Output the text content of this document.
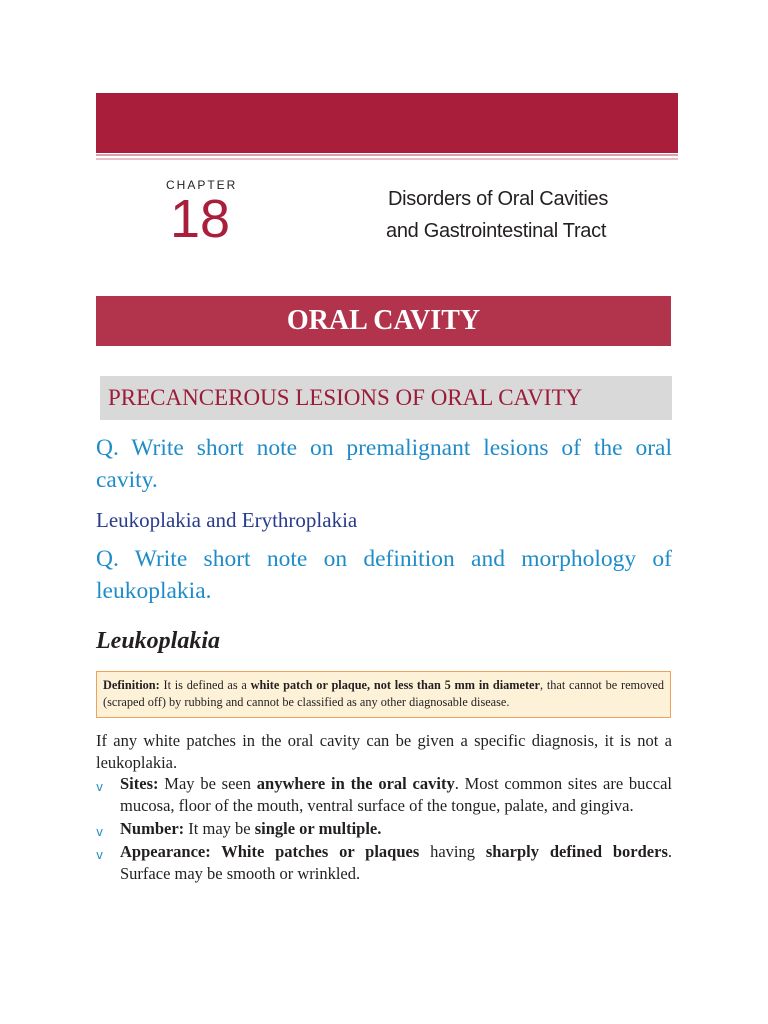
CHAPTER
18	Disorders of Oral Cavities
and Gastrointestinal Tract
ORAL CAVITY
PRECANCEROUS LESIONS OF ORAL CAVITY
Q. Write short note on premalignant lesions of the oral cavity.
Leukoplakia and Erythroplakia
Q. Write short note on definition and morphology of leukoplakia.
Leukoplakia
Definition: It is defined as a white patch or plaque, not less than 5 mm in diameter, that cannot be removed (scraped off) by rubbing and cannot be classified as any other diagnosable disease.
If any white patches in the oral cavity can be given a specific diagnosis, it is not a leukoplakia.
v Sites: May be seen anywhere in the oral cavity. Most common sites are buccal mucosa, floor of the mouth, ventral surface of the tongue, palate, and gingiva.
v Number: It may be single or multiple.
v Appearance: White patches or plaques having sharply defined borders. Surface may be smooth or wrinkled.
